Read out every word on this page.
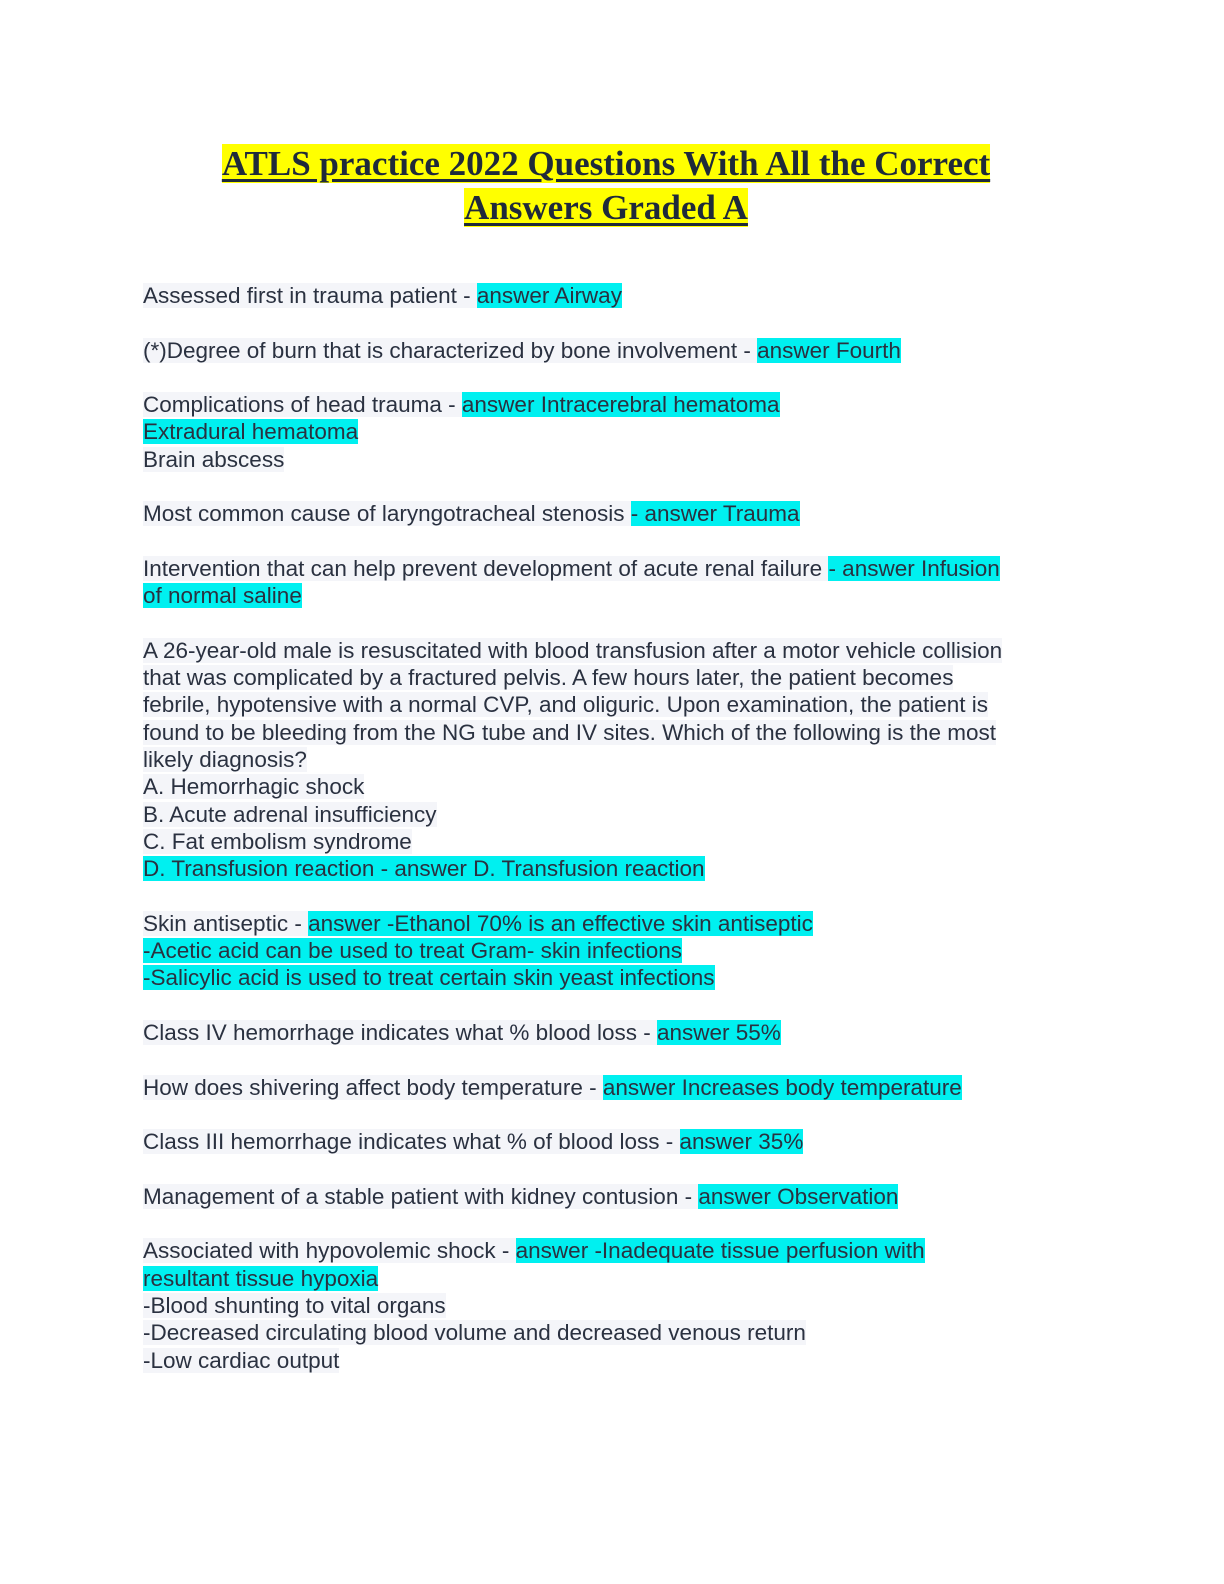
ATLS practice 2022 Questions With All the Correct
Answers Graded A
Assessed first in trauma patient - answer Airway
(*)Degree of burn that is characterized by bone involvement - answer Fourth
Complications of head trauma - answer Intracerebral hematoma
Extradural hematoma
Brain abscess
Most common cause of laryngotracheal stenosis - answer Trauma
Intervention that can help prevent development of acute renal failure - answer Infusion
of normal saline
A 26-year-old male is resuscitated with blood transfusion after a motor vehicle collision
that was complicated by a fractured pelvis. A few hours later, the patient becomes
febrile, hypotensive with a normal CVP, and oliguric. Upon examination, the patient is
found to be bleeding from the NG tube and IV sites. Which of the following is the most
likely diagnosis?
A. Hemorrhagic shock
B. Acute adrenal insufficiency
C. Fat embolism syndrome
D. Transfusion reaction - answer D. Transfusion reaction
Skin antiseptic - answer -Ethanol 70% is an effective skin antiseptic
-Acetic acid can be used to treat Gram- skin infections
-Salicylic acid is used to treat certain skin yeast infections
Class IV hemorrhage indicates what % blood loss - answer 55%
How does shivering affect body temperature - answer Increases body temperature
Class III hemorrhage indicates what % of blood loss - answer 35%
Management of a stable patient with kidney contusion - answer Observation
Associated with hypovolemic shock - answer -Inadequate tissue perfusion with
resultant tissue hypoxia
-Blood shunting to vital organs
-Decreased circulating blood volume and decreased venous return
-Low cardiac output
